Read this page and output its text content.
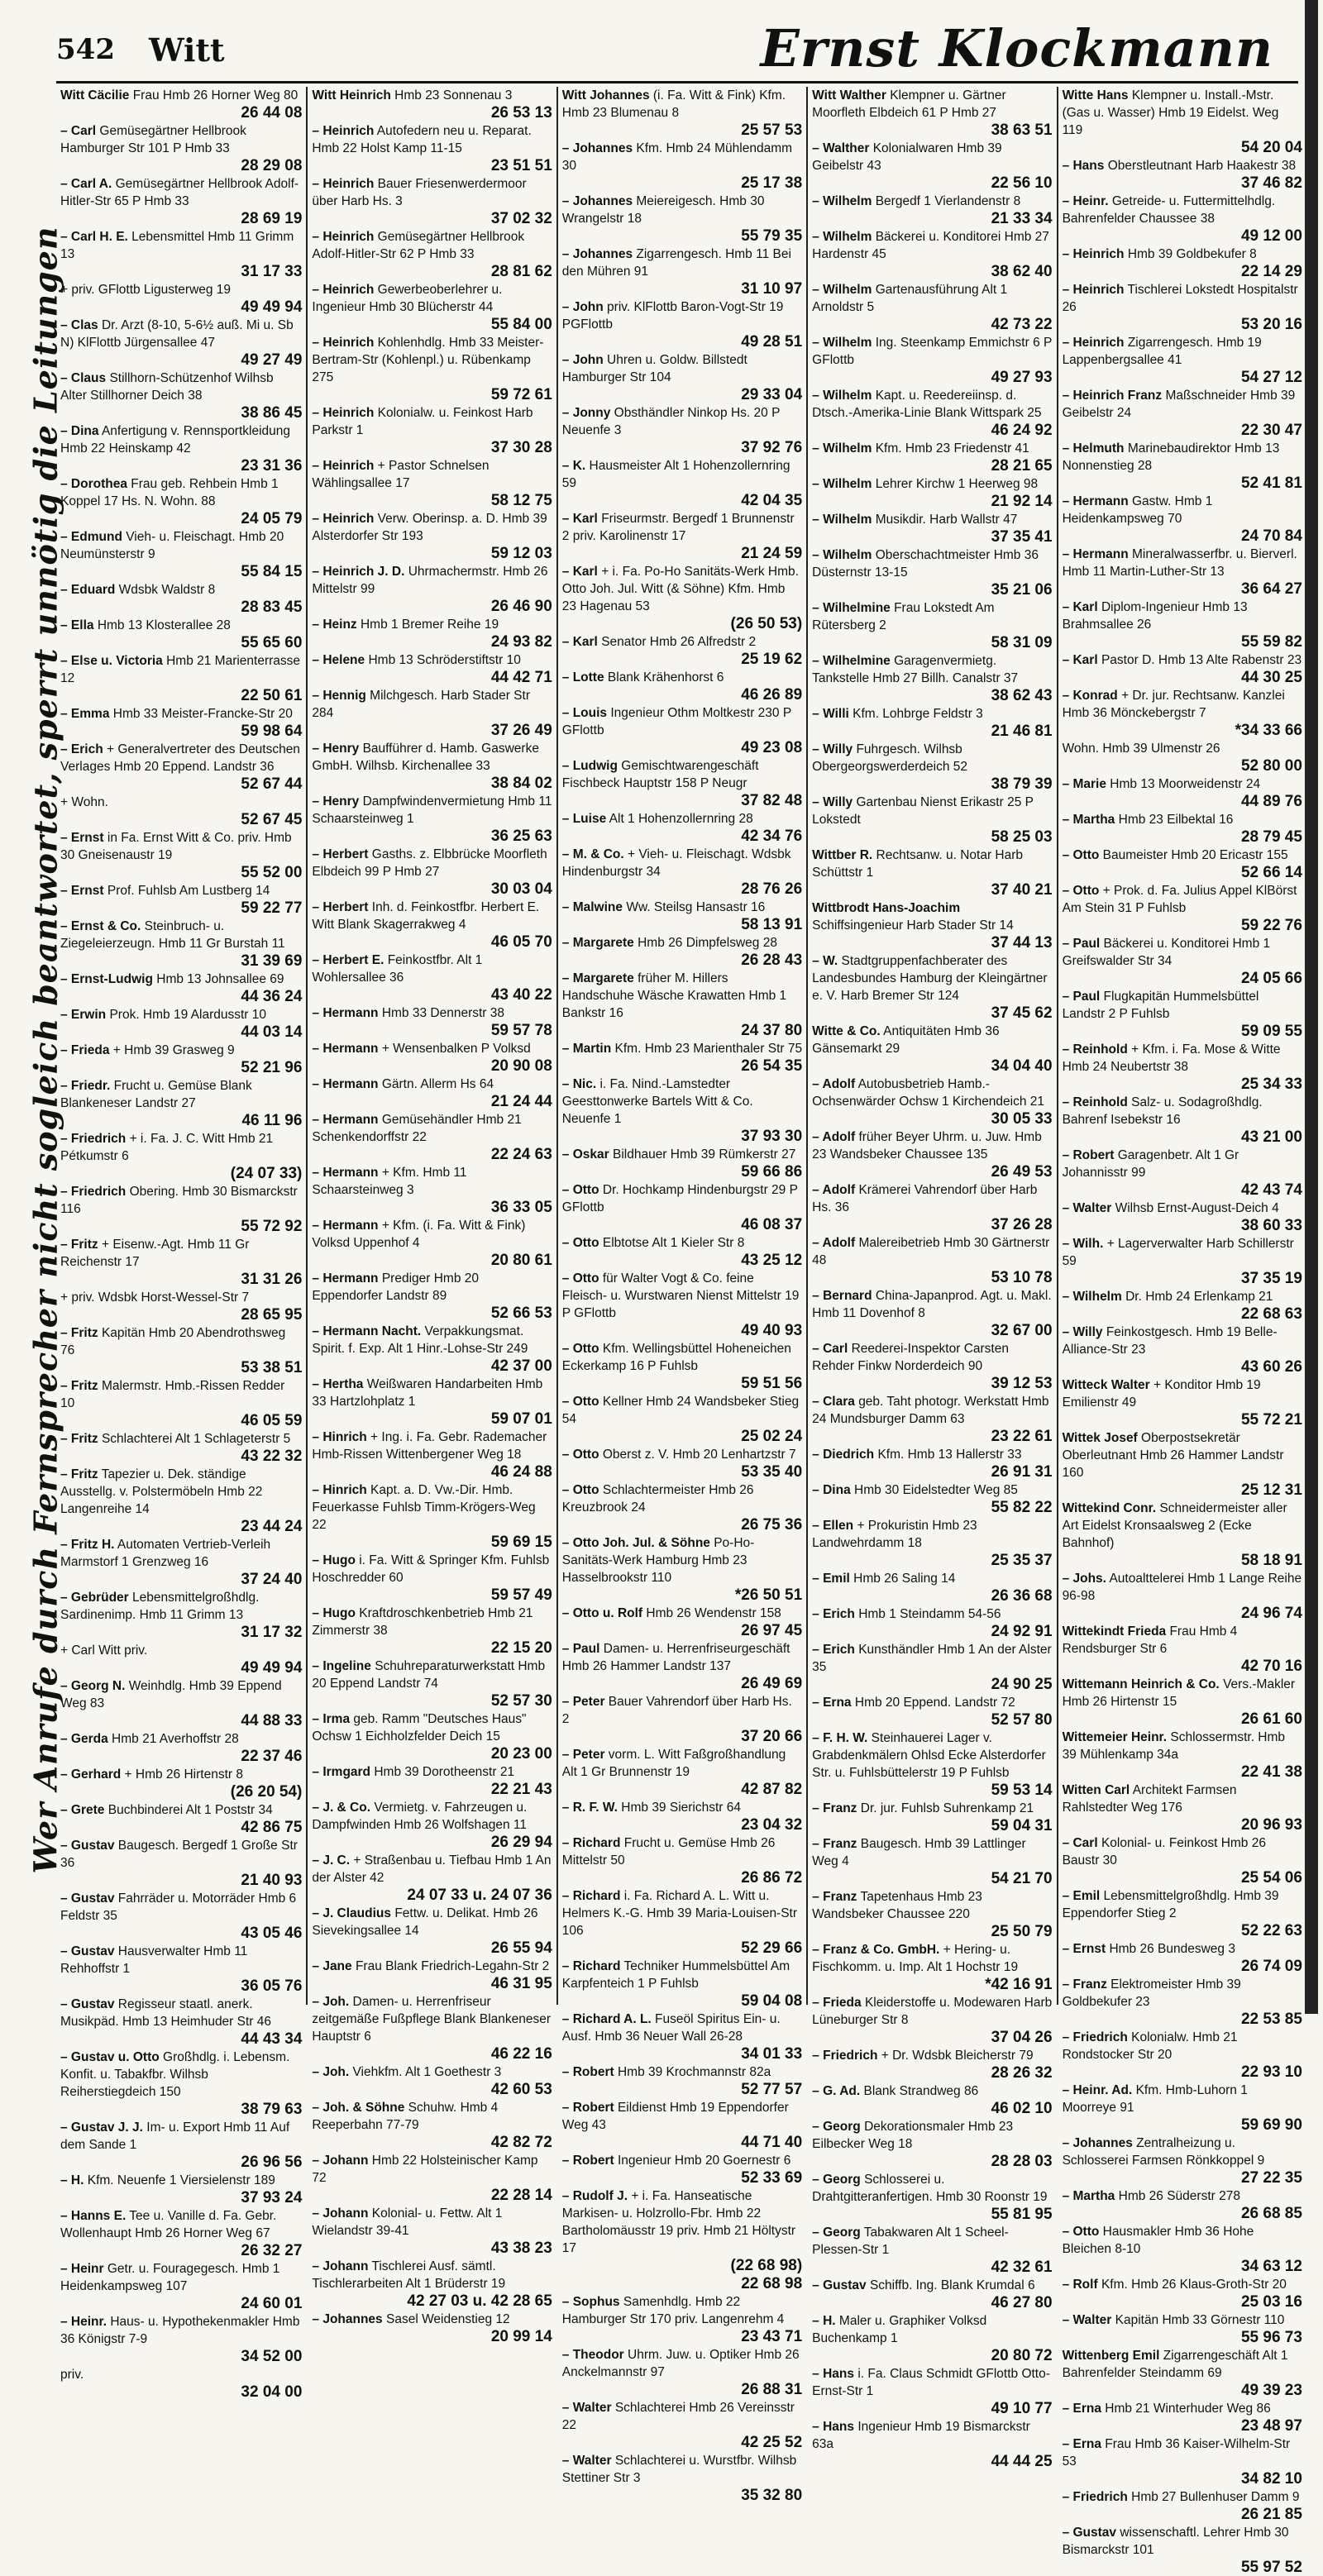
542 Witt	Ernst Klockmann
Wer Anrufe durch Fernsprecher nicht sogleich beantwortet, sperrt unnötig die Leitungen
Witt Cäcilie Frau Hmb 26 Horner Weg 80
26 44 08
– Carl Gemüsegärtner Hellbrook Hamburger Str 101 P Hmb 33
28 29 08
– Carl A. Gemüsegärtner Hellbrook Adolf-Hitler-Str 65 P Hmb 33
28 69 19
– Carl H. E. Lebensmittel Hmb 11 Grimm 13
31 17 33
+ priv. GFlottb Ligusterweg 19
49 49 94
– Clas Dr. Arzt (8-10, 5-6½ auß. Mi u. Sb N) KlFlottb Jürgensallee 47
49 27 49
– Claus Stillhorn-Schützenhof Wilhsb Alter Stillhorner Deich 38
38 86 45
– Dina Anfertigung v. Rennsportkleidung Hmb 22 Heinskamp 42
23 31 36
– Dorothea Frau geb. Rehbein Hmb 1 Koppel 17 Hs. N. Wohn. 88
24 05 79
– Edmund Vieh- u. Fleischagt. Hmb 20 Neumünsterstr 9
55 84 15
– Eduard Wdsbk Waldstr 8
28 83 45
– Ella Hmb 13 Klosterallee 28
55 65 60
– Else u. Victoria Hmb 21 Marienterrasse 12
22 50 61
– Emma Hmb 33 Meister-Francke-Str 20
59 98 64
– Erich + Generalvertreter des Deutschen Verlages Hmb 20 Eppend. Landstr 36
52 67 44
+ Wohn.
52 67 45
– Ernst in Fa. Ernst Witt & Co. priv. Hmb 30 Gneisenaustr 19
55 52 00
– Ernst Prof. Fuhlsb Am Lustberg 14
59 22 77
– Ernst & Co. Steinbruch- u. Ziegeleierzeugn. Hmb 11 Gr Burstah 11
31 39 69
– Ernst-Ludwig Hmb 13 Johnsallee 69
44 36 24
– Erwin Prok. Hmb 19 Alardusstr 10
44 03 14
– Frieda + Hmb 39 Grasweg 9
52 21 96
– Friedr. Frucht u. Gemüse Blank Blankeneser Landstr 27
46 11 96
– Friedrich + i. Fa. J. C. Witt Hmb 21 Pétkumstr 6
(24 07 33)
– Friedrich Obering. Hmb 30 Bismarckstr 116
55 72 92
– Fritz + Eisenw.-Agt. Hmb 11 Gr Reichenstr 17
31 31 26
+ priv. Wdsbk Horst-Wessel-Str 7
28 65 95
– Fritz Kapitän Hmb 20 Abendrothsweg 76
53 38 51
– Fritz Malermstr. Hmb.-Rissen Redder 10
46 05 59
– Fritz Schlachterei Alt 1 Schlageterstr 5
43 22 32
– Fritz Tapezier u. Dek. ständige Ausstellg. v. Polstermöbeln Hmb 22 Langenreihe 14
23 44 24
– Fritz H. Automaten Vertrieb-Verleih Marmstorf 1 Grenzweg 16
37 24 40
– Gebrüder Lebensmittelgroßhdlg. Sardinenimp. Hmb 11 Grimm 13
31 17 32
+ Carl Witt priv.
49 49 94
– Georg N. Weinhdlg. Hmb 39 Eppend Weg 83
44 88 33
– Gerda Hmb 21 Averhoffstr 28
22 37 46
– Gerhard + Hmb 26 Hirtenstr 8
(26 20 54)
– Grete Buchbinderei Alt 1 Poststr 34
42 86 75
– Gustav Baugesch. Bergedf 1 Große Str 36
21 40 93
– Gustav Fahrräder u. Motorräder Hmb 6 Feldstr 35
43 05 46
– Gustav Hausverwalter Hmb 11 Rehhoffstr 1
36 05 76
– Gustav Regisseur staatl. anerk. Musikpäd. Hmb 13 Heimhuder Str 46
44 43 34
– Gustav u. Otto Großhdlg. i. Lebensm. Konfit. u. Tabakfbr. Wilhsb Reiherstiegdeich 150
38 79 63
– Gustav J. J. Im- u. Export Hmb 11 Auf dem Sande 1
26 96 56
– H. Kfm. Neuenfe 1 Viersielenstr 189
37 93 24
– Hanns E. Tee u. Vanille d. Fa. Gebr. Wollenhaupt Hmb 26 Horner Weg 67
26 32 27
– Heinr Getr. u. Fouragegesch. Hmb 1 Heidenkampsweg 107
24 60 01
– Heinr. Haus- u. Hypothekenmakler Hmb 36 Königstr 7-9
34 52 00
priv.
32 04 00
Witt Heinrich Hmb 23 Sonnenau 3
26 53 13
– Heinrich Autofedern neu u. Reparat. Hmb 22 Holst Kamp 11-15
23 51 51
– Heinrich Bauer Friesenwerdermoor über Harb Hs. 3
37 02 32
– Heinrich Gemüsegärtner Hellbrook Adolf-Hitler-Str 62 P Hmb 33
28 81 62
– Heinrich Gewerbeoberlehrer u. Ingenieur Hmb 30 Blücherstr 44
55 84 00
– Heinrich Kohlenhdlg. Hmb 33 Meister-Bertram-Str (Kohlenpl.) u. Rübenkamp 275
59 72 61
– Heinrich Kolonialw. u. Feinkost Harb Parkstr 1
37 30 28
– Heinrich + Pastor Schnelsen Wählingsallee 17
58 12 75
– Heinrich Verw. Oberinsp. a. D. Hmb 39 Alsterdorfer Str 193
59 12 03
– Heinrich J. D. Uhrmachermstr. Hmb 26 Mittelstr 99
26 46 90
– Heinz Hmb 1 Bremer Reihe 19
24 93 82
– Helene Hmb 13 Schröderstiftstr 10
44 42 71
– Hennig Milchgesch. Harb Stader Str 284
37 26 49
– Henry Baufführer d. Hamb. Gaswerke GmbH. Wilhsb. Kirchenallee 33
38 84 02
– Henry Dampfwindenvermietung Hmb 11 Schaarsteinweg 1
36 25 63
– Herbert Gasths. z. Elbbrücke Moorfleth Elbdeich 99 P Hmb 27
30 03 04
– Herbert Inh. d. Feinkostfbr. Herbert E. Witt Blank Skagerrakweg 4
46 05 70
– Herbert E. Feinkostfbr. Alt 1 Wohlersallee 36
43 40 22
– Hermann Hmb 33 Dennerstr 38
59 57 78
– Hermann + Wensenbalken P Volksd
20 90 08
– Hermann Gärtn. Allerm Hs 64
21 24 44
– Hermann Gemüsehändler Hmb 21 Schenkendorffstr 22
22 24 63
– Hermann + Kfm. Hmb 11 Schaarsteinweg 3
36 33 05
– Hermann + Kfm. (i. Fa. Witt & Fink) Volksd Uppenhof 4
20 80 61
– Hermann Prediger Hmb 20 Eppendorfer Landstr 89
52 66 53
– Hermann Nacht. Verpakkungsmat. Spirit. f. Exp. Alt 1 Hinr.-Lohse-Str 249
42 37 00
– Hertha Weißwaren Handarbeiten Hmb 33 Hartzlohplatz 1
59 07 01
– Hinrich + Ing. i. Fa. Gebr. Rademacher Hmb-Rissen Wittenbergener Weg 18
46 24 88
– Hinrich Kapt. a. D. Vw.-Dir. Hmb. Feuerkasse Fuhlsb Timm-Krögers-Weg 22
59 69 15
– Hugo i. Fa. Witt & Springer Kfm. Fuhlsb Hoschredder 60
59 57 49
– Hugo Kraftdroschkenbetrieb Hmb 21 Zimmerstr 38
22 15 20
– Ingeline Schuhreparaturwerkstatt Hmb 20 Eppend Landstr 74
52 57 30
– Irma geb. Ramm "Deutsches Haus" Ochsw 1 Eichholzfelder Deich 15
20 23 00
– Irmgard Hmb 39 Dorotheenstr 21
22 21 43
– J. & Co. Vermietg. v. Fahrzeugen u. Dampfwinden Hmb 26 Wolfshagen 11
26 29 94
– J. C. + Straßenbau u. Tiefbau Hmb 1 An der Alster 42
24 07 33 u. 24 07 36
– J. Claudius Fettw. u. Delikat. Hmb 26 Sievekingsallee 14
26 55 94
– Jane Frau Blank Friedrich-Legahn-Str 2
46 31 95
– Joh. Damen- u. Herrenfriseur zeitgemäße Fußpflege Blank Blankeneser Hauptstr 6
46 22 16
– Joh. Viehkfm. Alt 1 Goethestr 3
42 60 53
– Joh. & Söhne Schuhw. Hmb 4 Reeperbahn 77-79
42 82 72
– Johann Hmb 22 Holsteinischer Kamp 72
22 28 14
– Johann Kolonial- u. Fettw. Alt 1 Wielandstr 39-41
43 38 23
– Johann Tischlerei Ausf. sämtl. Tischlerarbeiten Alt 1 Brüderstr 19
42 27 03 u. 42 28 65
– Johannes Sasel Weidenstieg 12
20 99 14
Witt Johannes (i. Fa. Witt & Fink) Kfm. Hmb 23 Blumenau 8
25 57 53
– Johannes Kfm. Hmb 24 Mühlendamm 30
25 17 38
– Johannes Meiereigesch. Hmb 30 Wrangelstr 18
55 79 35
– Johannes Zigarrengesch. Hmb 11 Bei den Mühren 91
31 10 97
– John priv. KlFlottb Baron-Vogt-Str 19 PGFlottb
49 28 51
– John Uhren u. Goldw. Billstedt Hamburger Str 104
29 33 04
– Jonny Obsthändler Ninkop Hs. 20 P Neuenfe 3
37 92 76
– K. Hausmeister Alt 1 Hohenzollernring 59
42 04 35
– Karl Friseurmstr. Bergedf 1 Brunnenstr 2 priv. Karolinenstr 17
21 24 59
– Karl + i. Fa. Po-Ho Sanitäts-Werk Hmb. Otto Joh. Jul. Witt (& Söhne) Kfm. Hmb 23 Hagenau 53
(26 50 53)
– Karl Senator Hmb 26 Alfredstr 2
25 19 62
– Lotte Blank Krähenhorst 6
46 26 89
– Louis Ingenieur Othm Moltkestr 230 P GFlottb
49 23 08
– Ludwig Gemischtwarengeschäft Fischbeck Hauptstr 158 P Neugr
37 82 48
– Luise Alt 1 Hohenzollernring 28
42 34 76
– M. & Co. + Vieh- u. Fleischagt. Wdsbk Hindenburgstr 34
28 76 26
– Malwine Ww. Steilsg Hansastr 16
58 13 91
– Margarete Hmb 26 Dimpfelsweg 28
26 28 43
– Margarete früher M. Hillers Handschuhe Wäsche Krawatten Hmb 1 Bankstr 16
24 37 80
– Martin Kfm. Hmb 23 Marienthaler Str 75
26 54 35
– Nic. i. Fa. Nind.-Lamstedter Geesttonwerke Bartels Witt & Co. Neuenfe 1
37 93 30
– Oskar Bildhauer Hmb 39 Rümkerstr 27
59 66 86
– Otto Dr. Hochkamp Hindenburgstr 29 P GFlottb
46 08 37
– Otto Elbtotse Alt 1 Kieler Str 8
43 25 12
– Otto für Walter Vogt & Co. feine Fleisch- u. Wurstwaren Nienst Mittelstr 19 P GFlottb
49 40 93
– Otto Kfm. Wellingsbüttel Hoheneichen Eckerkamp 16 P Fuhlsb
59 51 56
– Otto Kellner Hmb 24 Wandsbeker Stieg 54
25 02 24
– Otto Oberst z. V. Hmb 20 Lenhartzstr 7
53 35 40
– Otto Schlachtermeister Hmb 26 Kreuzbrook 24
26 75 36
– Otto Joh. Jul. & Söhne Po-Ho-Sanitäts-Werk Hamburg Hmb 23 Hasselbrookstr 110
*26 50 51
– Otto u. Rolf Hmb 26 Wendenstr 158
26 97 45
– Paul Damen- u. Herrenfriseurgeschäft Hmb 26 Hammer Landstr 137
26 49 69
– Peter Bauer Vahrendorf über Harb Hs. 2
37 20 66
– Peter vorm. L. Witt Faßgroßhandlung Alt 1 Gr Brunnenstr 19
42 87 82
– R. F. W. Hmb 39 Sierichstr 64
23 04 32
– Richard Frucht u. Gemüse Hmb 26 Mittelstr 50
26 86 72
– Richard i. Fa. Richard A. L. Witt u. Helmers K.-G. Hmb 39 Maria-Louisen-Str 106
52 29 66
– Richard Techniker Hummelsbüttel Am Karpfenteich 1 P Fuhlsb
59 04 08
– Richard A. L. Fuseöl Spiritus Ein- u. Ausf. Hmb 36 Neuer Wall 26-28
34 01 33
– Robert Hmb 39 Krochmannstr 82a
52 77 57
– Robert Eildienst Hmb 19 Eppendorfer Weg 43
44 71 40
– Robert Ingenieur Hmb 20 Goernestr 6
52 33 69
– Rudolf J. + i. Fa. Hanseatische Markisen- u. Holzrollo-Fbr. Hmb 22 Bartholomäusstr 19 priv. Hmb 21 Höltystr 17
(22 68 98)
22 68 98
– Sophus Samenhdlg. Hmb 22 Hamburger Str 170 priv. Langenrehm 4
23 43 71
– Theodor Uhrm. Juw. u. Optiker Hmb 26 Anckelmannstr 97
26 88 31
– Walter Schlachterei Hmb 26 Vereinsstr 22
42 25 52
– Walter Schlachterei u. Wurstfbr. Wilhsb Stettiner Str 3
35 32 80
Witt Walther Klempner u. Gärtner Moorfleth Elbdeich 61 P Hmb 27
38 63 51
– Walther Kolonialwaren Hmb 39 Geibelstr 43
22 56 10
– Wilhelm Bergedf 1 Vierlandenstr 8
21 33 34
– Wilhelm Bäckerei u. Konditorei Hmb 27 Hardenstr 45
38 62 40
– Wilhelm Gartenausführung Alt 1 Arnoldstr 5
42 73 22
– Wilhelm Ing. Steenkamp Emmichstr 6 P GFlottb
49 27 93
– Wilhelm Kapt. u. Reedereiinsp. d. Dtsch.-Amerika-Linie Blank Wittspark 25
46 24 92
– Wilhelm Kfm. Hmb 23 Friedenstr 41
28 21 65
– Wilhelm Lehrer Kirchw 1 Heerweg 98
21 92 14
– Wilhelm Musikdir. Harb Wallstr 47
37 35 41
– Wilhelm Oberschachtmeister Hmb 36 Düsternstr 13-15
35 21 06
– Wilhelmine Frau Lokstedt Am Rütersberg 2
58 31 09
– Wilhelmine Garagenvermietg. Tankstelle Hmb 27 Billh. Canalstr 37
38 62 43
– Willi Kfm. Lohbrge Feldstr 3
21 46 81
– Willy Fuhrgesch. Wilhsb Obergeorgswerderdeich 52
38 79 39
– Willy Gartenbau Nienst Erikastr 25 P Lokstedt
58 25 03
Wittber R. Rechtsanw. u. Notar Harb Schüttstr 1
37 40 21
Wittbrodt Hans-Joachim Schiffsingenieur Harb Stader Str 14
37 44 13
– W. Stadtgruppenfachberater des Landesbundes Hamburg der Kleingärtner e. V. Harb Bremer Str 124
37 45 62
Witte & Co. Antiquitäten Hmb 36 Gänsemarkt 29
34 04 40
– Adolf Autobusbetrieb Hamb.-Ochsenwärder Ochsw 1 Kirchendeich 21
30 05 33
– Adolf früher Beyer Uhrm. u. Juw. Hmb 23 Wandsbeker Chaussee 135
26 49 53
– Adolf Krämerei Vahrendorf über Harb Hs. 36
37 26 28
– Adolf Malereibetrieb Hmb 30 Gärtnerstr 48
53 10 78
– Bernard China-Japanprod. Agt. u. Makl. Hmb 11 Dovenhof 8
32 67 00
– Carl Reederei-Inspektor Carsten Rehder Finkw Norderdeich 90
39 12 53
– Clara geb. Taht photogr. Werkstatt Hmb 24 Mundsburger Damm 63
23 22 61
– Diedrich Kfm. Hmb 13 Hallerstr 33
26 91 31
– Dina Hmb 30 Eidelstedter Weg 85
55 82 22
– Ellen + Prokuristin Hmb 23 Landwehrdamm 18
25 35 37
– Emil Hmb 26 Saling 14
26 36 68
– Erich Hmb 1 Steindamm 54-56
24 92 91
– Erich Kunsthändler Hmb 1 An der Alster 35
24 90 25
– Erna Hmb 20 Eppend. Landstr 72
52 57 80
– F. H. W. Steinhauerei Lager v. Grabdenkmälern Ohlsd Ecke Alsterdorfer Str. u. Fuhlsbüttelerstr 19 P Fuhlsb
59 53 14
– Franz Dr. jur. Fuhlsb Suhrenkamp 21
59 04 31
– Franz Baugesch. Hmb 39 Lattlinger Weg 4
54 21 70
– Franz Tapetenhaus Hmb 23 Wandsbeker Chaussee 220
25 50 79
– Franz & Co. GmbH. + Hering- u. Fischkomm. u. Imp. Alt 1 Hochstr 19
*42 16 91
– Frieda Kleiderstoffe u. Modewaren Harb Lüneburger Str 8
37 04 26
– Friedrich + Dr. Wdsbk Bleicherstr 79
28 26 32
– G. Ad. Blank Strandweg 86
46 02 10
– Georg Dekorationsmaler Hmb 23 Eilbecker Weg 18
28 28 03
– Georg Schlosserei u. Drahtgitteranfertigen. Hmb 30 Roonstr 19
55 81 95
– Georg Tabakwaren Alt 1 Scheel-Plessen-Str 1
42 32 61
– Gustav Schiffb. Ing. Blank Krumdal 6
46 27 80
– H. Maler u. Graphiker Volksd Buchenkamp 1
20 80 72
– Hans i. Fa. Claus Schmidt GFlottb Otto-Ernst-Str 1
49 10 77
– Hans Ingenieur Hmb 19 Bismarckstr 63a
44 44 25
Witte Hans Klempner u. Install.-Mstr. (Gas u. Wasser) Hmb 19 Eidelst. Weg 119
54 20 04
– Hans Oberstleutnant Harb Haakestr 38
37 46 82
– Heinr. Getreide- u. Futtermittelhdlg. Bahrenfelder Chaussee 38
49 12 00
– Heinrich Hmb 39 Goldbekufer 8
22 14 29
– Heinrich Tischlerei Lokstedt Hospitalstr 26
53 20 16
– Heinrich Zigarrengesch. Hmb 19 Lappenbergsallee 41
54 27 12
– Heinrich Franz Maßschneider Hmb 39 Geibelstr 24
22 30 47
– Helmuth Marinebaudirektor Hmb 13 Nonnenstieg 28
52 41 81
– Hermann Gastw. Hmb 1 Heidenkampsweg 70
24 70 84
– Hermann Mineralwasserfbr. u. Bierverl. Hmb 11 Martin-Luther-Str 13
36 64 27
– Karl Diplom-Ingenieur Hmb 13 Brahmsallee 26
55 59 82
– Karl Pastor D. Hmb 13 Alte Rabenstr 23
44 30 25
– Konrad + Dr. jur. Rechtsanw. Kanzlei Hmb 36 Mönckebergstr 7
*34 33 66
Wohn. Hmb 39 Ulmenstr 26
52 80 00
– Marie Hmb 13 Moorweidenstr 24
44 89 76
– Martha Hmb 23 Eilbektal 16
28 79 45
– Otto Baumeister Hmb 20 Ericastr 155
52 66 14
– Otto + Prok. d. Fa. Julius Appel KlBörst Am Stein 31 P Fuhlsb
59 22 76
– Paul Bäckerei u. Konditorei Hmb 1 Greifswalder Str 34
24 05 66
– Paul Flugkapitän Hummelsbüttel Landstr 2 P Fuhlsb
59 09 55
– Reinhold + Kfm. i. Fa. Mose & Witte Hmb 24 Neubertstr 38
25 34 33
– Reinhold Salz- u. Sodagroßhdlg. Bahrenf Isebekstr 16
43 21 00
– Robert Garagenbetr. Alt 1 Gr Johannisstr 99
42 43 74
– Walter Wilhsb Ernst-August-Deich 4
38 60 33
– Wilh. + Lagerverwalter Harb Schillerstr 59
37 35 19
– Wilhelm Dr. Hmb 24 Erlenkamp 21
22 68 63
– Willy Feinkostgesch. Hmb 19 Belle-Alliance-Str 23
43 60 26
Witteck Walter + Konditor Hmb 19 Emilienstr 49
55 72 21
Wittek Josef Oberpostsekretär Oberleutnant Hmb 26 Hammer Landstr 160
25 12 31
Wittekind Conr. Schneidermeister aller Art Eidelst Kronsaalsweg 2 (Ecke Bahnhof)
58 18 91
– Johs. Autoalttelerei Hmb 1 Lange Reihe 96-98
24 96 74
Wittekindt Frieda Frau Hmb 4 Rendsburger Str 6
42 70 16
Wittemann Heinrich & Co. Vers.-Makler Hmb 26 Hirtenstr 15
26 61 60
Wittemeier Heinr. Schlossermstr. Hmb 39 Mühlenkamp 34a
22 41 38
Witten Carl Architekt Farmsen Rahlstedter Weg 176
20 96 93
– Carl Kolonial- u. Feinkost Hmb 26 Baustr 30
25 54 06
– Emil Lebensmittelgroßhdlg. Hmb 39 Eppendorfer Stieg 2
52 22 63
– Ernst Hmb 26 Bundesweg 3
26 74 09
– Franz Elektromeister Hmb 39 Goldbekufer 23
22 53 85
– Friedrich Kolonialw. Hmb 21 Rondstocker Str 20
22 93 10
– Heinr. Ad. Kfm. Hmb-Luhorn 1 Moorreye 91
59 69 90
– Johannes Zentralheizung u. Schlosserei Farmsen Rönkkoppel 9
27 22 35
– Martha Hmb 26 Süderstr 278
26 68 85
– Otto Hausmakler Hmb 36 Hohe Bleichen 8-10
34 63 12
– Rolf Kfm. Hmb 26 Klaus-Groth-Str 20
25 03 16
– Walter Kapitän Hmb 33 Görnestr 110
55 96 73
Wittenberg Emil Zigarrengeschäft Alt 1 Bahrenfelder Steindamm 69
49 39 23
– Erna Hmb 21 Winterhuder Weg 86
23 48 97
– Erna Frau Hmb 36 Kaiser-Wilhelm-Str 53
34 82 10
– Friedrich Hmb 27 Bullenhuser Damm 9
26 21 85
– Gustav wissenschaftl. Lehrer Hmb 30 Bismarckstr 101
55 97 52
